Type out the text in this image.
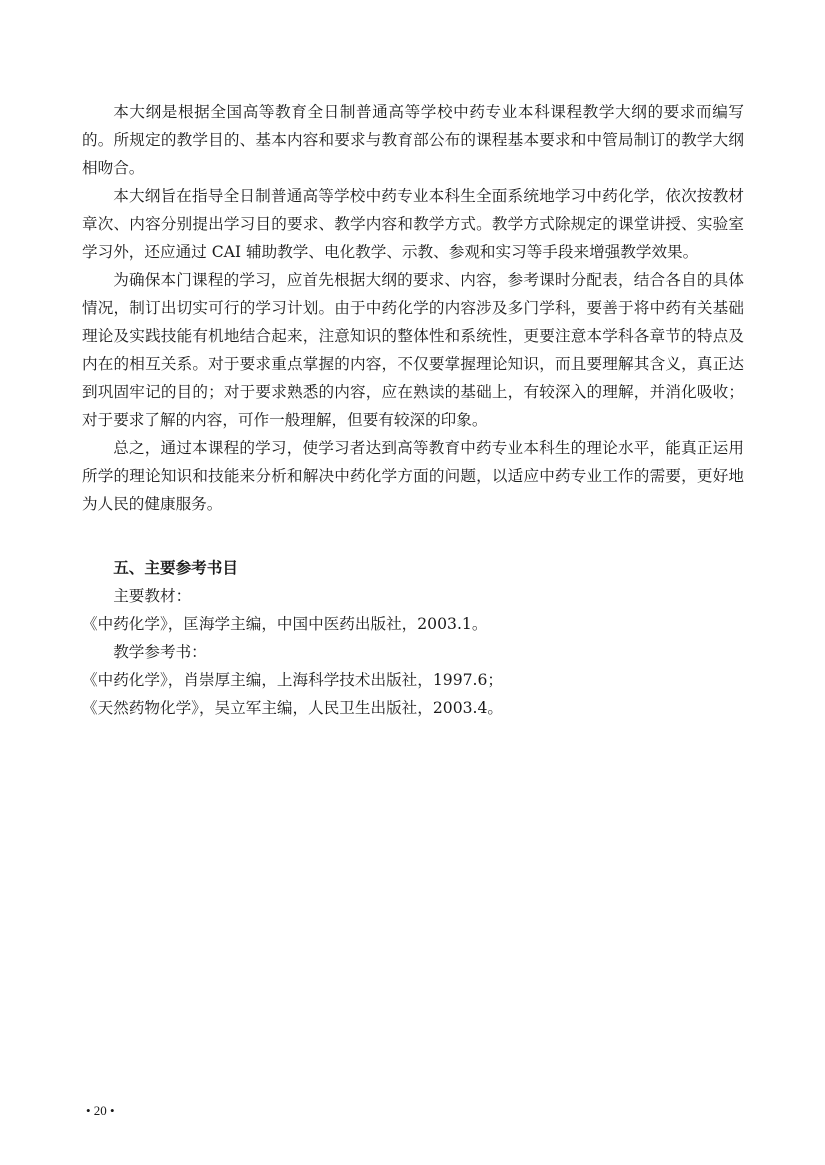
本大纲是根据全国高等教育全日制普通高等学校中药专业本科课程教学大纲的要求而编写的。所规定的教学目的、基本内容和要求与教育部公布的课程基本要求和中管局制订的教学大纲相吻合。

本大纲旨在指导全日制普通高等学校中药专业本科生全面系统地学习中药化学，依次按教材章次、内容分别提出学习目的要求、教学内容和教学方式。教学方式除规定的课堂讲授、实验室学习外，还应通过 CAI 辅助教学、电化教学、示教、参观和实习等手段来增强教学效果。

为确保本门课程的学习，应首先根据大纲的要求、内容，参考课时分配表，结合各自的具体情况，制订出切实可行的学习计划。由于中药化学的内容涉及多门学科，要善于将中药有关基础理论及实践技能有机地结合起来，注意知识的整体性和系统性，更要注意本学科各章节的特点及内在的相互关系。对于要求重点掌握的内容，不仅要掌握理论知识，而且要理解其含义，真正达到巩固牢记的目的；对于要求熟悉的内容，应在熟读的基础上，有较深入的理解，并消化吸收；对于要求了解的内容，可作一般理解，但要有较深的印象。

总之，通过本课程的学习，使学习者达到高等教育中药专业本科生的理论水平，能真正运用所学的理论知识和技能来分析和解决中药化学方面的问题，以适应中药专业工作的需要，更好地为人民的健康服务。

五、主要参考书目

主要教材：

《中药化学》，匡海学主编，中国中医药出版社，2003.1。

教学参考书：

《中药化学》，肖崇厚主编，上海科学技术出版社，1997.6；

《天然药物化学》，吴立军主编，人民卫生出版社，2003.4。

• 20 •
